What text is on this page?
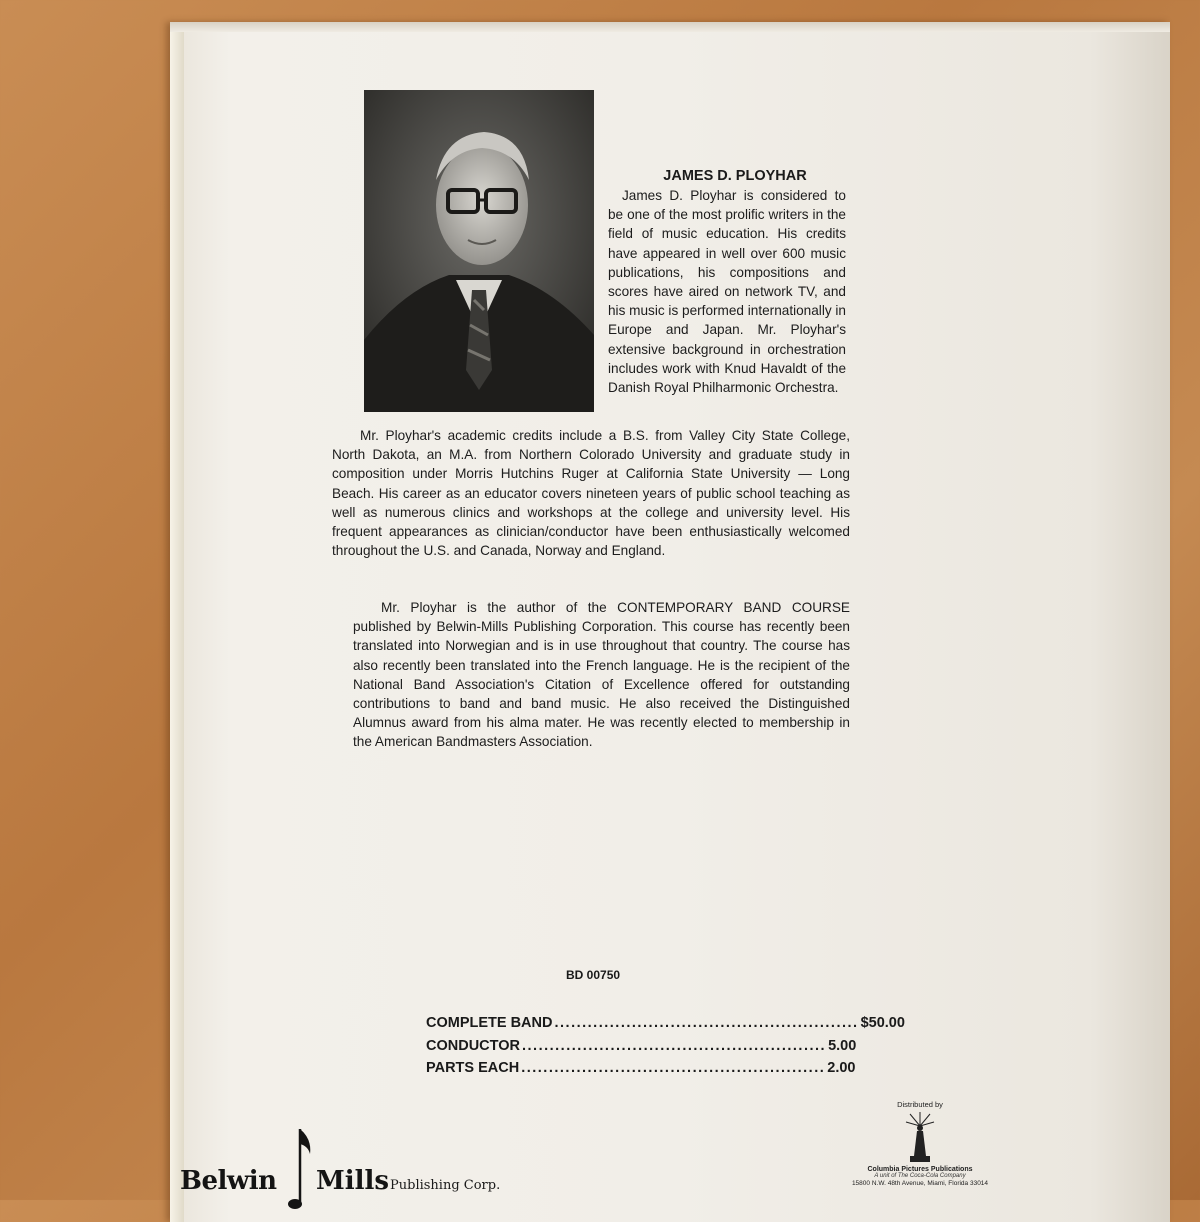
JAMES D. PLOYHAR
James D. Ployhar is considered to be one of the most prolific writers in the field of music education. His credits have appeared in well over 600 music publications, his compositions and scores have aired on network TV, and his music is performed internationally in Europe and Japan. Mr. Ployhar's extensive background in orchestration includes work with Knud Havaldt of the Danish Royal Philharmonic Orchestra.
Mr. Ployhar's academic credits include a B.S. from Valley City State College, North Dakota, an M.A. from Northern Colorado University and graduate study in composition under Morris Hutchins Ruger at California State University — Long Beach. His career as an educator covers nineteen years of public school teaching as well as numerous clinics and workshops at the college and university level. His frequent appearances as clinician/conductor have been enthusiastically welcomed throughout the U.S. and Canada, Norway and England.
Mr. Ployhar is the author of the CONTEMPORARY BAND COURSE published by Belwin-Mills Publishing Corporation. This course has recently been translated into Norwegian and is in use throughout that country. The course has also recently been translated into the French language. He is the recipient of the National Band Association's Citation of Excellence offered for outstanding contributions to band and band music. He also received the Distinguished Alumnus award from his alma mater. He was recently elected to membership in the American Bandmasters Association.
BD 00750
COMPLETE BAND ....................................................... $50.00
CONDUCTOR ....................................................... 5.00
PARTS EACH ....................................................... 2.00
Belwin Mills Publishing Corp.
Distributed by
Columbia Pictures Publications
A unit of The Coca-Cola Company
15800 N.W. 48th Avenue, Miami, Florida 33014
